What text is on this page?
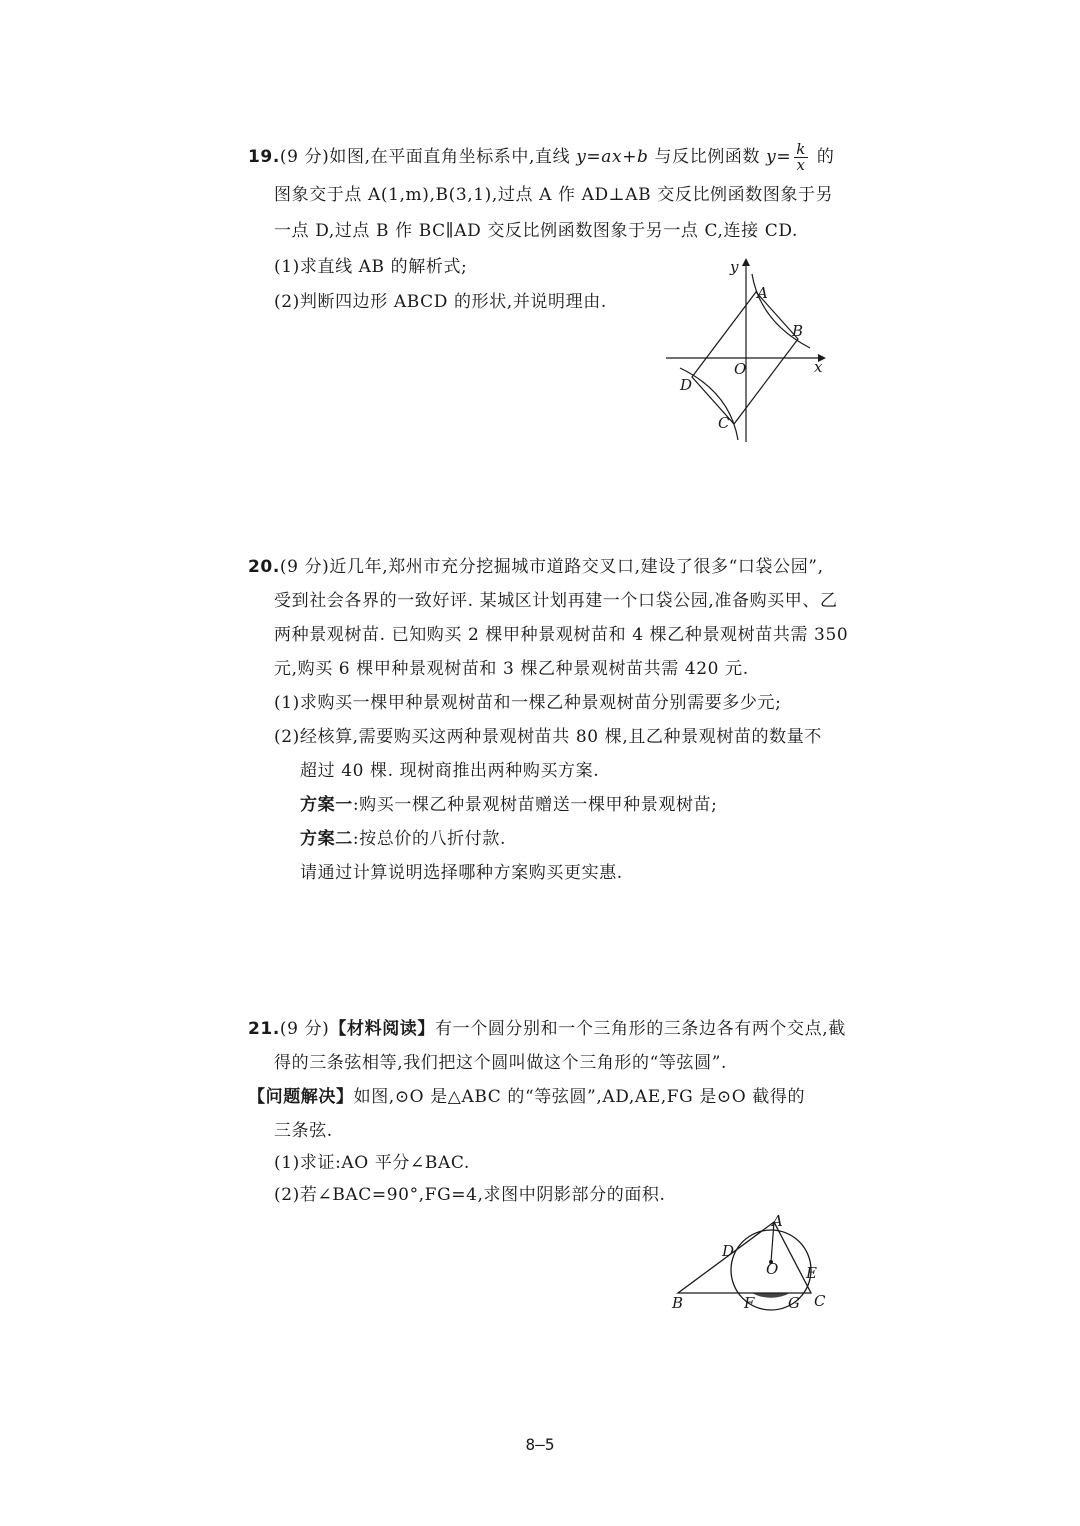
19.(9 分)如图,在平面直角坐标系中,直线 y=ax+b 与反比例函数 $y= \frac{k}{x}$ 的
图象交于点 A(1,m),B(3,1),过点 A 作 AD⊥AB 交反比例函数图象于另
一点 D,过点 B 作 BC∥AD 交反比例函数图象于另一点 C,连接 CD.
(1)求直线 AB 的解析式;
(2)判断四边形 ABCD 的形状,并说明理由.	A
B
C
D
O	x
y
20.(9 分)近几年,郑州市充分挖掘城市道路交叉口,建设了很多“口袋公园”,
受到社会各界的一致好评. 某城区计划再建一个口袋公园,准备购买甲、乙
两种景观树苗. 已知购买 2 棵甲种景观树苗和 4 棵乙种景观树苗共需 350
元,购买 6 棵甲种景观树苗和 3 棵乙种景观树苗共需 420 元.
(1)求购买一棵甲种景观树苗和一棵乙种景观树苗分别需要多少元;
(2)经核算,需要购买这两种景观树苗共 80 棵,且乙种景观树苗的数量不
超过 40 棵. 现树商推出两种购买方案.
方案一:购买一棵乙种景观树苗赠送一棵甲种景观树苗;
方案二:按总价的八折付款.
请通过计算说明选择哪种方案购买更实惠.
21.(9 分)【材料阅读】有一个圆分别和一个三角形的三条边各有两个交点,截
得的三条弦相等,我们把这个圆叫做这个三角形的“等弦圆”.
【问题解决】如图,⊙O 是△ABC 的“等弦圆”,AD,AE,FG 是⊙O 截得的
三条弦.
(1)求证:AO 平分∠BAC.
(2)若∠BAC=90°,FG=4,求图中阴影部分的面积.
A
B	C
D
E
F G
O
8—5
